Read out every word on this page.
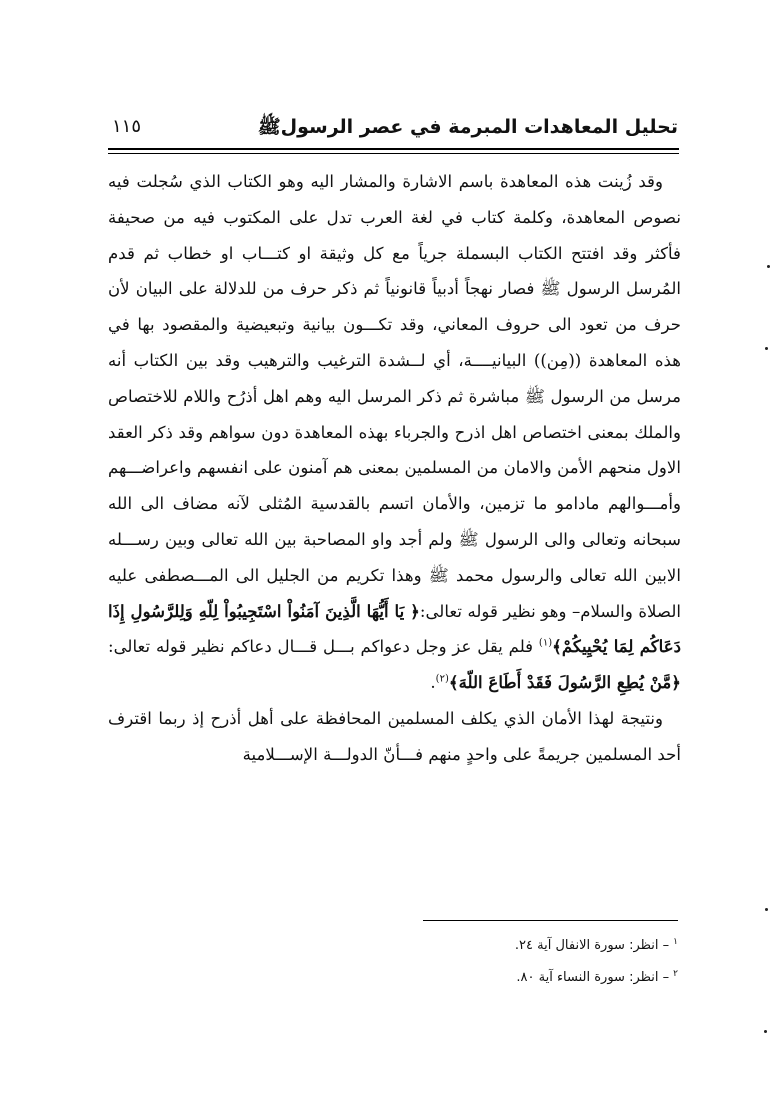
تحليل المعاهدات المبرمة في عصر الرسولﷺ
١١٥

وقد زُينت هذه المعاهدة باسم الاشارة والمشار اليه وهو الكتاب الذي سُجلت فيه نصوص المعاهدة، وكلمة كتاب في لغة العرب تدل على المكتوب فيه من صحيفة فأكثر وقد افتتح الكتاب البسملة جرياً مع كل وثيقة او كتـــاب او خطاب ثم قدم المُرسل الرسول ﷺ فصار نهجاً أدبياً قانونياً ثم ذكر حرف من للدلالة على البيان لأن حرف من تعود الى حروف المعاني، وقد تكـــون بيانية وتبعيضية والمقصود بها في هذه المعاهدة ((مِن)) البيانيــــة، أي لــشدة الترغيب والترهيب وقد بين الكتاب أنه مرسل من الرسول ﷺ مباشرة ثم ذكر المرسل اليه وهم اهل أذرُح واللام للاختصاص والملك بمعنى اختصاص اهل اذرح والجرباء بهذه المعاهدة دون سواهم وقد ذكر العقد الاول منحهم الأمن والامان من المسلمين بمعنى هم آمنون على انفسهم واعراضـــهم وأمـــوالهم مادامو ما تزمين، والأمان اتسم بالقدسية المُثلى لآنه مضاف الى الله سبحانه وتعالى والى الرسول ﷺ ولم أجد واو المصاحبة بين الله تعالى وبين رســـله الابين الله تعالى والرسول محمد ﷺ وهذا تكريم من الجليل الى المـــصطفى عليه الصلاة والسلام– وهو نظير قوله تعالى:﴿ يَا أَيُّهَا الَّذِينَ آمَنُواْ اسْتَجِيبُواْ لِلّهِ وَلِلرَّسُولِ إِذَا دَعَاكُم لِمَا يُحْيِيكُمْ﴾$^{(١)}$ فلم يقل عز وجل دعواكم بـــل قـــال دعاكم نظير قوله تعالى: ﴿مَّنْ يُطِعِ الرَّسُولَ فَقَدْ أَطَاعَ اللّهَ﴾$^{(٢)}$.

ونتيجة لهذا الأمان الذي يكلف المسلمين المحافظة على أهل أذرح إذ ربما اقترف أحد المسلمين جريمةً على واحدٍ منهم فـــأنّ الدولـــة الإســـلامية

$^١$– انظر: سورة الانفال آية ٢٤.
$^٢$– انظر: سورة النساء آية ٨٠.
